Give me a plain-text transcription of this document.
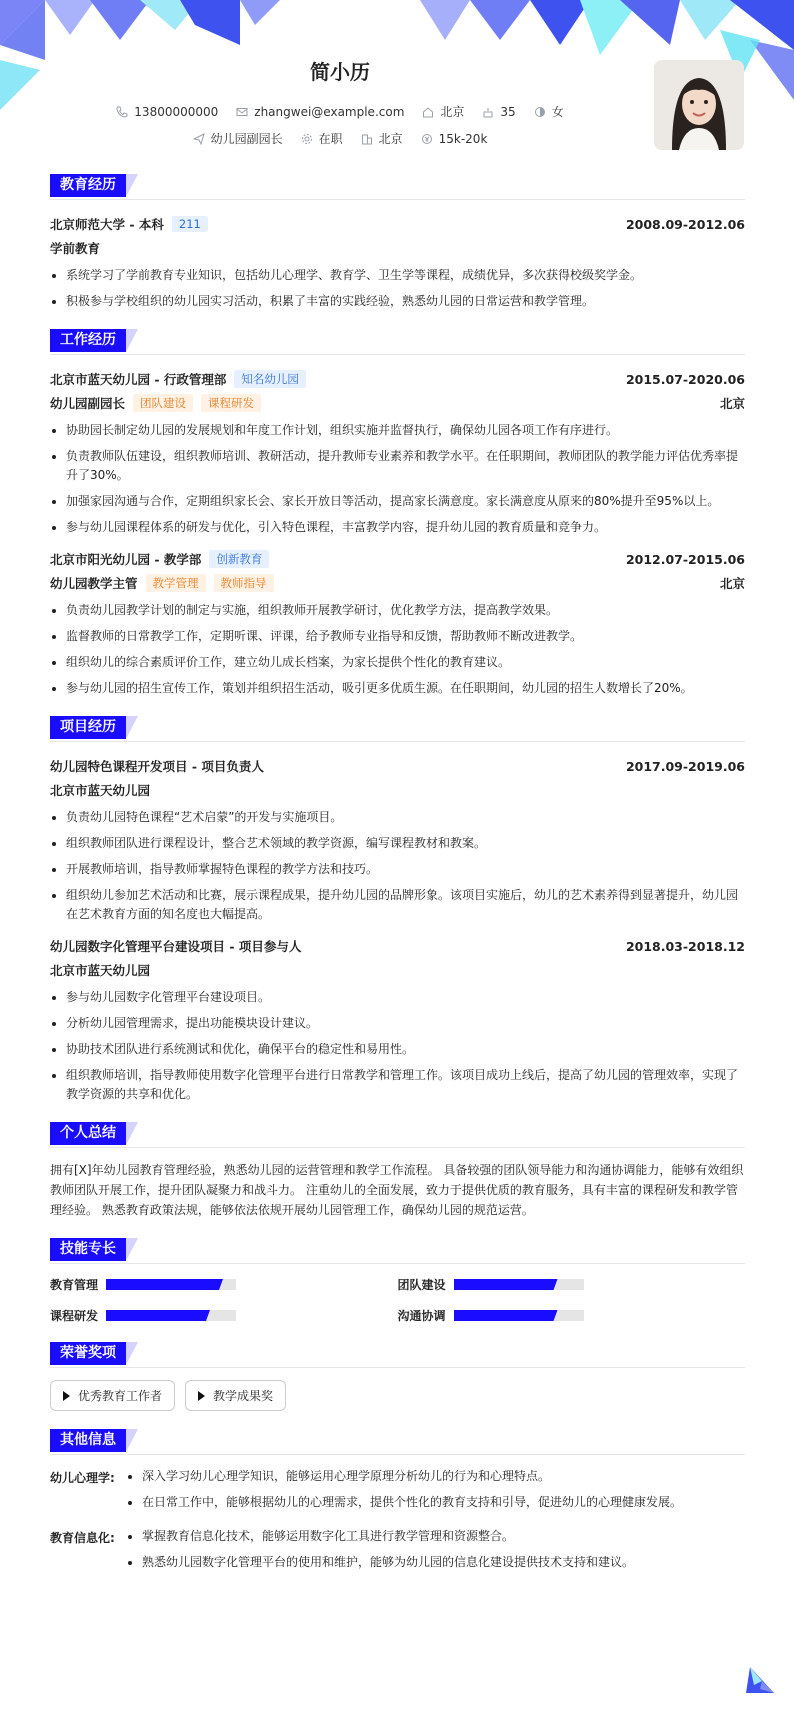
简小历
13800000000	zhangwei@example.com	北京	35	女
幼儿园副园长	在职	北京	15k-20k
教育经历
北京师范大学 - 本科	211	2008.09-2012.06
学前教育
系统学习了学前教育专业知识，包括幼儿心理学、教育学、卫生学等课程，成绩优异，多次获得校级奖学金。
积极参与学校组织的幼儿园实习活动，积累了丰富的实践经验，熟悉幼儿园的日常运营和教学管理。
工作经历
北京市蓝天幼儿园 - 行政管理部	知名幼儿园	2015.07-2020.06
幼儿园副园长	团队建设	课程研发	北京
协助园长制定幼儿园的发展规划和年度工作计划，组织实施并监督执行，确保幼儿园各项工作有序进行。
负责教师队伍建设，组织教师培训、教研活动，提升教师专业素养和教学水平。在任职期间，教师团队的教学能力评估优秀率提升了30%。
加强家园沟通与合作，定期组织家长会、家长开放日等活动，提高家长满意度。家长满意度从原来的80%提升至95%以上。
参与幼儿园课程体系的研发与优化，引入特色课程，丰富教学内容，提升幼儿园的教育质量和竞争力。
北京市阳光幼儿园 - 教学部	创新教育	2012.07-2015.06
幼儿园教学主管	教学管理	教师指导	北京
负责幼儿园教学计划的制定与实施，组织教师开展教学研讨，优化教学方法，提高教学效果。
监督教师的日常教学工作，定期听课、评课，给予教师专业指导和反馈，帮助教师不断改进教学。
组织幼儿的综合素质评价工作，建立幼儿成长档案，为家长提供个性化的教育建议。
参与幼儿园的招生宣传工作，策划并组织招生活动，吸引更多优质生源。在任职期间，幼儿园的招生人数增长了20%。
项目经历
幼儿园特色课程开发项目 - 项目负责人	2017.09-2019.06
北京市蓝天幼儿园
负责幼儿园特色课程“艺术启蒙”的开发与实施项目。
组织教师团队进行课程设计，整合艺术领域的教学资源，编写课程教材和教案。
开展教师培训，指导教师掌握特色课程的教学方法和技巧。
组织幼儿参加艺术活动和比赛，展示课程成果，提升幼儿园的品牌形象。该项目实施后，幼儿的艺术素养得到显著提升，幼儿园在艺术教育方面的知名度也大幅提高。
幼儿园数字化管理平台建设项目 - 项目参与人	2018.03-2018.12
北京市蓝天幼儿园
参与幼儿园数字化管理平台建设项目。
分析幼儿园管理需求，提出功能模块设计建议。
协助技术团队进行系统测试和优化，确保平台的稳定性和易用性。
组织教师培训，指导教师使用数字化管理平台进行日常教学和管理工作。该项目成功上线后，提高了幼儿园的管理效率，实现了教学资源的共享和优化。
个人总结

拥有[X]年幼儿园教育管理经验，熟悉幼儿园的运营管理和教学工作流程。 具备较强的团队领导能力和沟通协调能力，能够有效组织教师团队开展工作，提升团队凝聚力和战斗力。 注重幼儿的全面发展，致力于提供优质的教育服务，具有丰富的课程研发和教学管理经验。 熟悉教育政策法规，能够依法依规开展幼儿园管理工作，确保幼儿园的规范运营。

技能专长
教育管理	团队建设
课程研发	沟通协调
荣誉奖项
优秀教育工作者	教学成果奖
其他信息
幼儿心理学:	深入学习幼儿心理学知识，能够运用心理学原理分析幼儿的行为和心理特点。
在日常工作中，能够根据幼儿的心理需求，提供个性化的教育支持和引导，促进幼儿的心理健康发展。
教育信息化:	掌握教育信息化技术，能够运用数字化工具进行教学管理和资源整合。
熟悉幼儿园数字化管理平台的使用和维护，能够为幼儿园的信息化建设提供技术支持和建议。
